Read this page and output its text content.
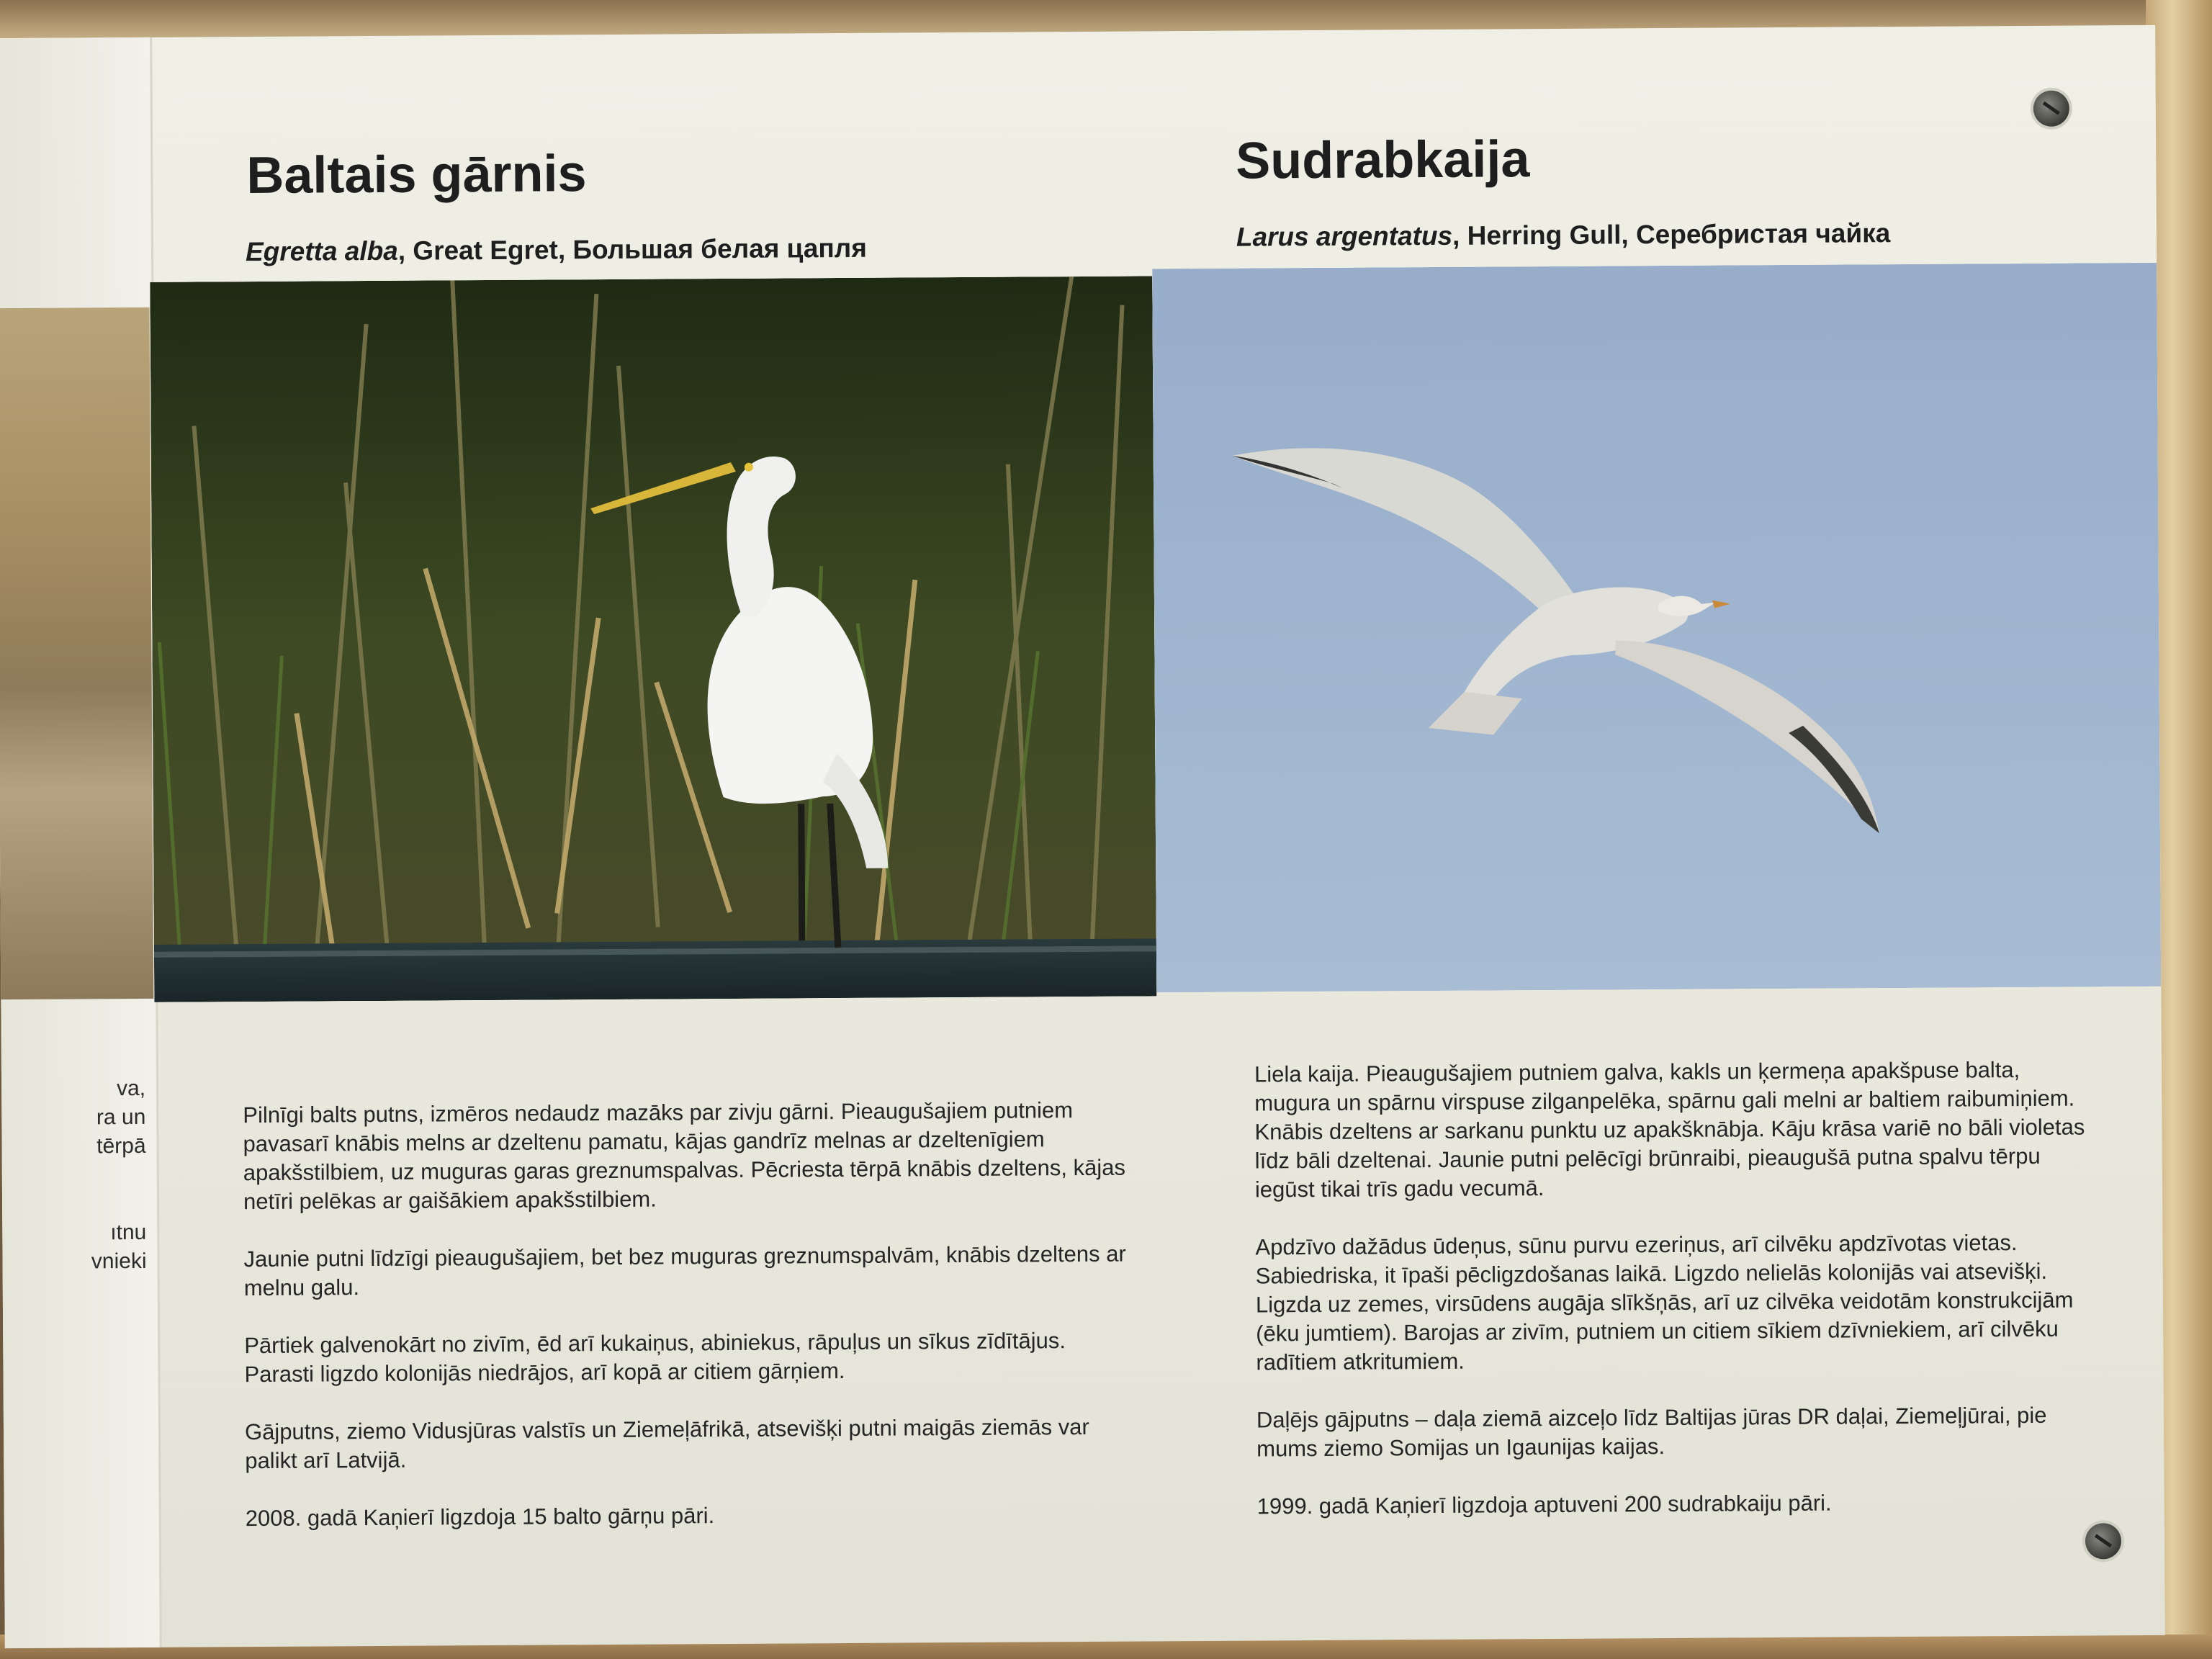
va,
ra un
tērpā

ıtnu
vnieki
Baltais gārnis
Egretta alba, Great Egret, Большая белая цапля

Pilnīgi balts putns, izmēros nedaudz mazāks par zivju gārni. Pieaugušajiem putniem pavasarī knābis melns ar dzeltenu pamatu, kājas gandrīz melnas ar dzeltenīgiem apakšstilbiem, uz muguras garas greznumspalvas. Pēcriesta tērpā knābis dzeltens, kājas netīri pelēkas ar gaišākiem apakšstilbiem.

Jaunie putni līdzīgi pieaugušajiem, bet bez muguras greznumspalvām, knābis dzeltens ar melnu galu.

Pārtiek galvenokārt no zivīm, ēd arī kukaiņus, abiniekus, rāpuļus un sīkus zīdītājus. Parasti ligzdo kolonijās niedrājos, arī kopā ar citiem gārņiem.

Gājputns, ziemo Vidusjūras valstīs un Ziemeļāfrikā, atsevišķi putni maigās ziemās var palikt arī Latvijā.

2008. gadā Kaņierī ligzdoja 15 balto gārņu pāri.

Sudrabkaija
Larus argentatus, Herring Gull, Серебристая чайка

Liela kaija. Pieaugušajiem putniem galva, kakls un ķermeņa apakšpuse balta, mugura un spārnu virspuse zilganpelēka, spārnu gali melni ar baltiem raibumiņiem. Knābis dzeltens ar sarkanu punktu uz apakšknābja. Kāju krāsa variē no bāli violetas līdz bāli dzeltenai. Jaunie putni pelēcīgi brūnraibi, pieaugušā putna spalvu tērpu iegūst tikai trīs gadu vecumā.

Apdzīvo dažādus ūdeņus, sūnu purvu ezeriņus, arī cilvēku apdzīvotas vietas. Sabiedriska, it īpaši pēcligzdošanas laikā. Ligzdo nelielās kolonijās vai atsevišķi. Ligzda uz zemes, virsūdens augāja slīkšņās, arī uz cilvēka veidotām konstrukcijām (ēku jumtiem). Barojas ar zivīm, putniem un citiem sīkiem dzīvniekiem, arī cilvēku radītiem atkritumiem.

Daļējs gājputns – daļa ziemā aizceļo līdz Baltijas jūras DR daļai, Ziemeļjūrai, pie mums ziemo Somijas un Igaunijas kaijas.

1999. gadā Kaņierī ligzdoja aptuveni 200 sudrabkaiju pāri.
